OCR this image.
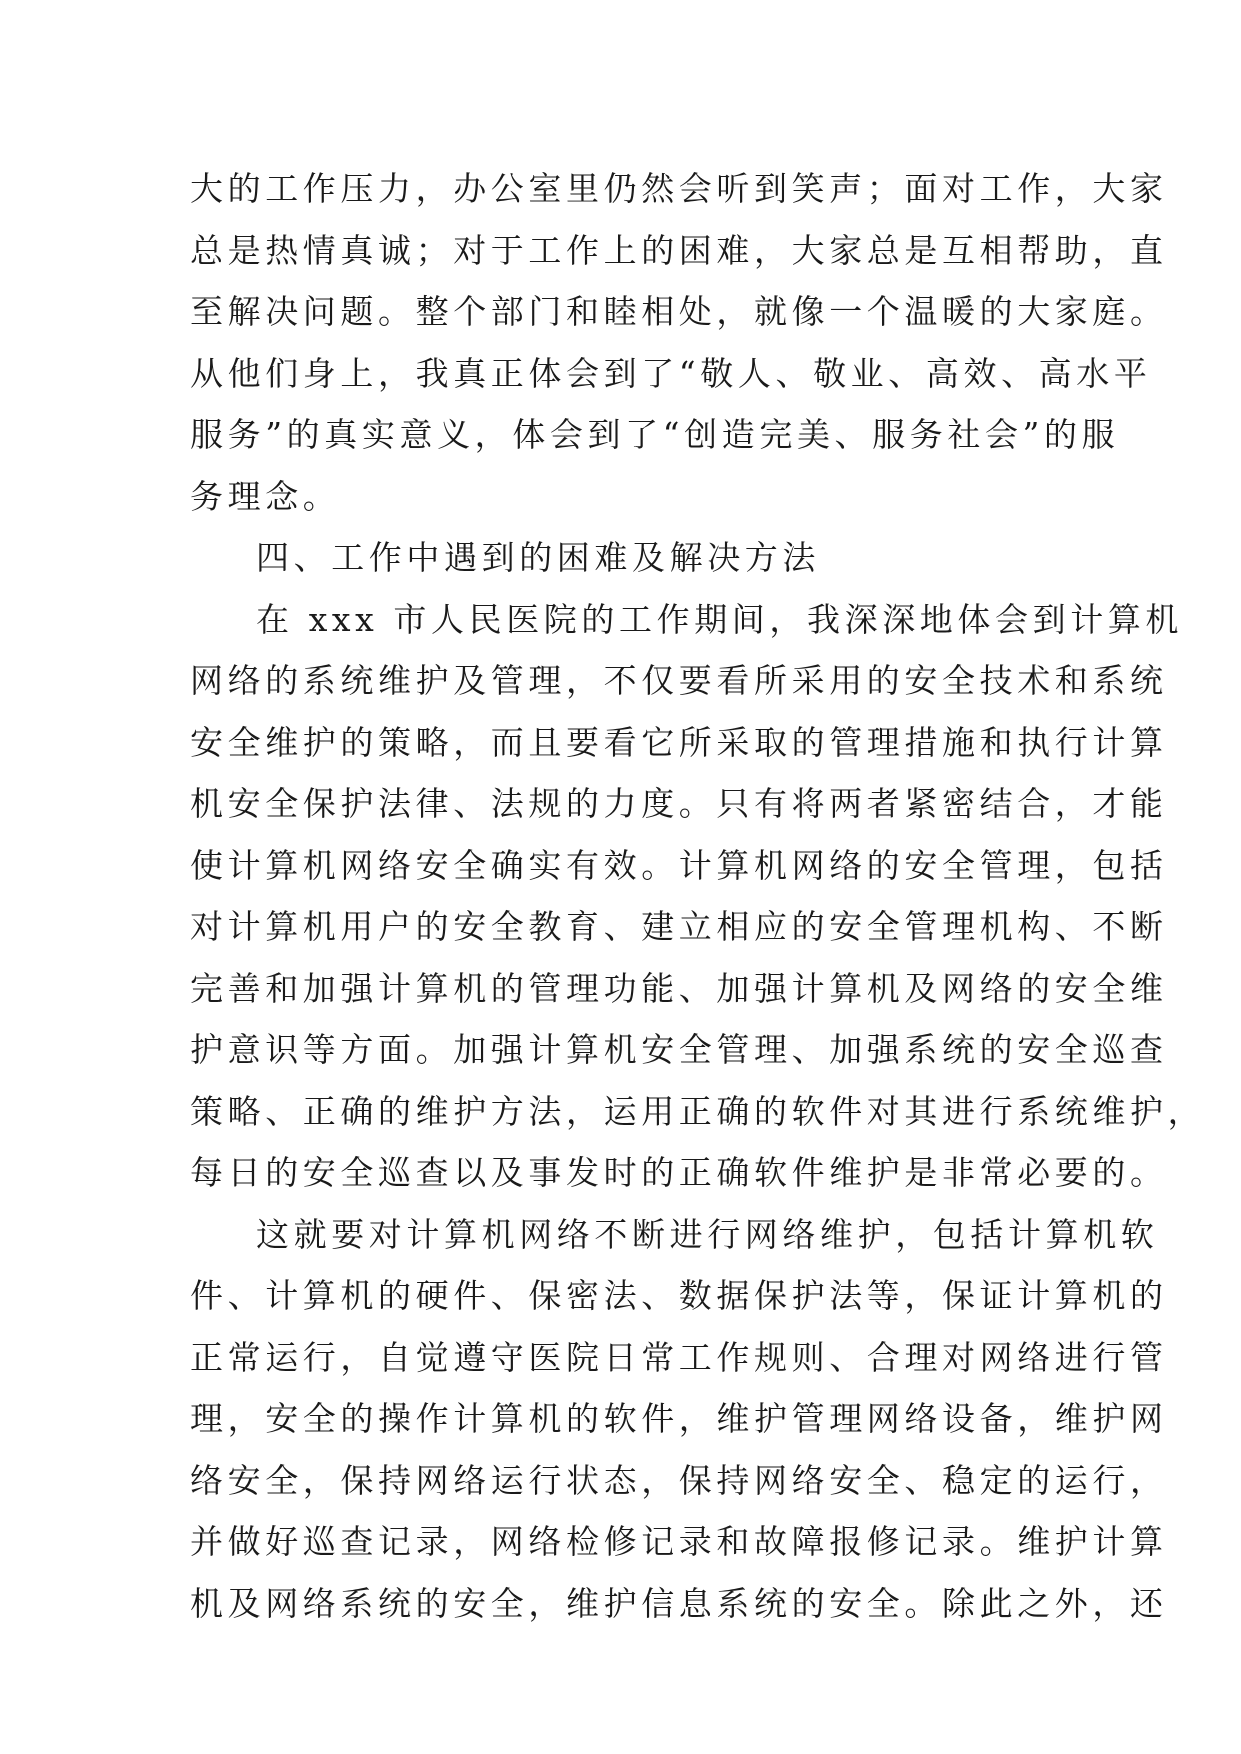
大的工作压力，办公室里仍然会听到笑声；面对工作，大家
总是热情真诚；对于工作上的困难，大家总是互相帮助，直
至解决问题。整个部门和睦相处，就像一个温暖的大家庭。
从他们身上，我真正体会到了“敬人、敬业、高效、高水平
服务”的真实意义，体会到了“创造完美、服务社会”的服
务理念。
四、工作中遇到的困难及解决方法
在 xxx 市人民医院的工作期间，我深深地体会到计算机
网络的系统维护及管理，不仅要看所采用的安全技术和系统
安全维护的策略，而且要看它所采取的管理措施和执行计算
机安全保护法律、法规的力度。只有将两者紧密结合，才能
使计算机网络安全确实有效。计算机网络的安全管理，包括
对计算机用户的安全教育、建立相应的安全管理机构、不断
完善和加强计算机的管理功能、加强计算机及网络的安全维
护意识等方面。加强计算机安全管理、加强系统的安全巡查
策略、正确的维护方法，运用正确的软件对其进行系统维护，
每日的安全巡查以及事发时的正确软件维护是非常必要的。
这就要对计算机网络不断进行网络维护，包括计算机软
件、计算机的硬件、保密法、数据保护法等，保证计算机的
正常运行，自觉遵守医院日常工作规则、合理对网络进行管
理，安全的操作计算机的软件，维护管理网络设备，维护网
络安全，保持网络运行状态，保持网络安全、稳定的运行，
并做好巡查记录，网络检修记录和故障报修记录。维护计算
机及网络系统的安全，维护信息系统的安全。除此之外，还
